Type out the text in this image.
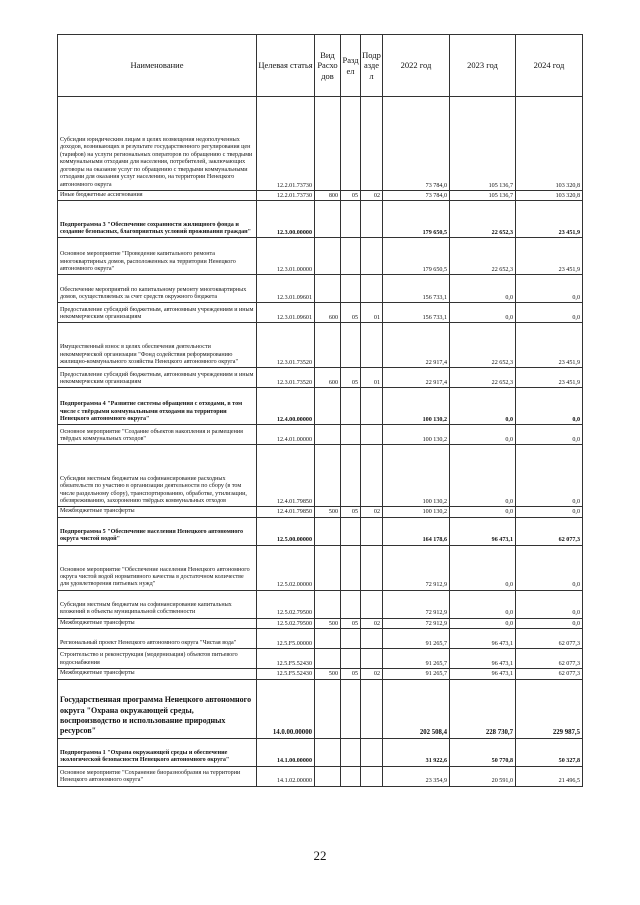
Наименование	Целевая статья	Вид Расхо дов	Разд ел	Подр азде л	2022 год	2023 год	2024 год
Субсидии юридическим лицам в целях возмещения недополученных доходов, возникающих в результате государственного регулирования цен (тарифов) на услуги региональных операторов по обращению с твердыми коммунальными отходами для населения, потребителей, заключающих договоры на оказание услуг по обращению с твердыми коммунальными отходами для оказания услуг населению, на территории Ненецкого автономного округа	12.2.01.73730				73 784,0	105 136,7	103 320,8
Иные бюджетные ассигнования	12.2.01.73730	800	05	02	73 784,0	105 136,7	103 320,8
Подпрограмма 3 "Обеспечение сохранности жилищного фонда и создание безопасных, благоприятных условий проживания граждан"	12.3.00.00000				179 650,5	22 652,3	23 451,9
Основное мероприятие "Проведение капитального ремонта многоквартирных домов, расположенных на территории Ненецкого автономного округа"	12.3.01.00000				179 650,5	22 652,3	23 451,9
Обеспечение мероприятий по капитальному ремонту многоквартирных домов, осуществляемых за счет средств окружного бюджета	12.3.01.09601				156 733,1	0,0	0,0
Предоставление субсидий бюджетным, автономным учреждениям и иным некоммерческим организациям	12.3.01.09601	600	05	01	156 733,1	0,0	0,0
Имущественный взнос в целях обеспечения деятельности некоммерческой организации "Фонд содействия реформированию жилищно-коммунального хозяйства Ненецкого автономного округа"	12.3.01.73520				22 917,4	22 652,3	23 451,9
Предоставление субсидий бюджетным, автономным учреждениям и иным некоммерческим организациям	12.3.01.73520	600	05	01	22 917,4	22 652,3	23 451,9
Подпрограмма 4 "Развитие системы обращения с отходами, в том числе с твёрдыми коммунальными отходами на территории Ненецкого автономного округа"	12.4.00.00000				100 130,2	0,0	0,0
Основное мероприятие "Создание объектов накопления и размещения твёрдых коммунальных отходов"	12.4.01.00000				100 130,2	0,0	0,0
Субсидии местным бюджетам на софинансирование расходных обязательств по участию в организации деятельности по сбору (в том числе раздельному сбору), транспортированию, обработке, утилизации, обезвреживанию, захоронению твёрдых коммунальных отходов	12.4.01.79850				100 130,2	0,0	0,0
Межбюджетные трансферты	12.4.01.79850	500	05	02	100 130,2	0,0	0,0
Подпрограмма 5 "Обеспечение населения Ненецкого автономного округа чистой водой"	12.5.00.00000				164 178,6	96 473,1	62 077,3
Основное мероприятие "Обеспечение населения Ненецкого автономного округа чистой водой нормативного качества в достаточном количестве для удовлетворения питьевых нужд"	12.5.02.00000				72 912,9	0,0	0,0
Субсидии местным бюджетам на софинансирование капитальных вложений в объекты муниципальной собственности	12.5.02.79500				72 912,9	0,0	0,0
Межбюджетные трансферты	12.5.02.79500	500	05	02	72 912,9	0,0	0,0
Региональный проект Ненецкого автономного округа "Чистая вода"	12.5.F5.00000				91 265,7	96 473,1	62 077,3
Строительство и реконструкция (модернизация) объектов питьевого водоснабжения	12.5.F5.52430				91 265,7	96 473,1	62 077,3
Межбюджетные трансферты	12.5.F5.52430	500	05	02	91 265,7	96 473,1	62 077,3
Государственная программа Ненецкого автономного округа "Охрана окружающей среды, воспроизводство и использование природных ресурсов"	14.0.00.00000				202 508,4	228 730,7	229 987,5
Подпрограмма 1 "Охрана окружающей среды и обеспечение экологической безопасности Ненецкого автономного округа"	14.1.00.00000				31 922,6	50 770,8	50 327,8
Основное мероприятие "Сохранение биоразнообразия на территории Ненецкого автономного округа"	14.1.02.00000				23 354,9	20 591,0	21 496,5
22
